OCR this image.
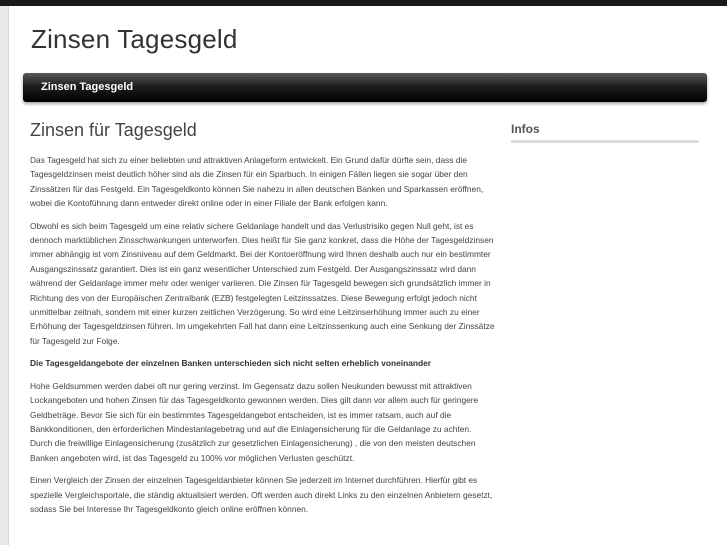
Zinsen Tagesgeld
Zinsen Tagesgeld
Zinsen für Tagesgeld

Das Tagesgeld hat sich zu einer beliebten und attraktiven Anlageform entwickelt. Ein Grund dafür dürfte sein, dass die Tagesgeldzinsen meist deutlich höher sind als die Zinsen für ein Sparbuch. In einigen Fällen liegen sie sogar über den Zinssätzen für das Festgeld. Ein Tagesgeldkonto können Sie nahezu in allen deutschen Banken und Sparkassen eröffnen, wobei die Kontoführung dann entweder direkt online oder in einer Filiale der Bank erfolgen kann.

Obwohl es sich beim Tagesgeld um eine relativ sichere Geldanlage handelt und das Verlustrisiko gegen Null geht, ist es dennoch marktüblichen Zinsschwankungen unterworfen. Dies heißt für Sie ganz konkret, dass die Höhe der Tagesgeldzinsen immer abhängig ist vom Zinsniveau auf dem Geldmarkt. Bei der Kontoeröffnung wird Ihnen deshalb auch nur ein bestimmter Ausgangszinssatz garantiert. Dies ist ein ganz wesentlicher Unterschied zum Festgeld. Der Ausgangszinssatz wird dann während der Geldanlage immer mehr oder weniger variieren. Die Zinsen für Tagesgeld bewegen sich grundsätzlich immer in Richtung des von der Europäischen Zentralbank (EZB) festgelegten Leitzinssatzes. Diese Bewegung erfolgt jedoch nicht unmittelbar zeitnah, sondern mit einer kurzen zeitlichen Verzögerung. So wird eine Leitzinserhöhung immer auch zu einer Erhöhung der Tagesgeldzinsen führen. Im umgekehrten Fall hat dann eine Leitzinssenkung auch eine Senkung der Zinssätze für Tagesgeld zur Folge.

Die Tagesgeldangebote der einzelnen Banken unterschieden sich nicht selten erheblich voneinander

Hohe Geldsummen werden dabei oft nur gering verzinst. Im Gegensatz dazu sollen Neukunden bewusst mit attraktiven Lockangeboten und hohen Zinsen für das Tagesgeldkonto gewonnen werden. Dies gilt dann vor allem auch für geringere Geldbeträge. Bevor Sie sich für ein bestimmtes Tagesgeldangebot entscheiden, ist es immer ratsam, auch auf die Bankkonditionen, den erforderlichen Mindestanlagebetrag und auf die Einlagensicherung für die Geldanlage zu achten. Durch die freiwillige Einlagensicherung (zusätzlich zur gesetzlichen Einlagensicherung) , die von den meisten deutschen Banken angeboten wird, ist das Tagesgeld zu 100% vor möglichen Verlusten geschützt.

Einen Vergleich der Zinsen der einzelnen Tagesgeldanbieter können Sie jederzeit im Internet durchführen. Hierfür gibt es spezielle Vergleichsportale, die ständig aktualisiert werden. Oft werden auch direkt Links zu den einzelnen Anbietern gesetzt, sodass Sie bei Interesse Ihr Tagesgeldkonto gleich online eröffnen können.

Infos
